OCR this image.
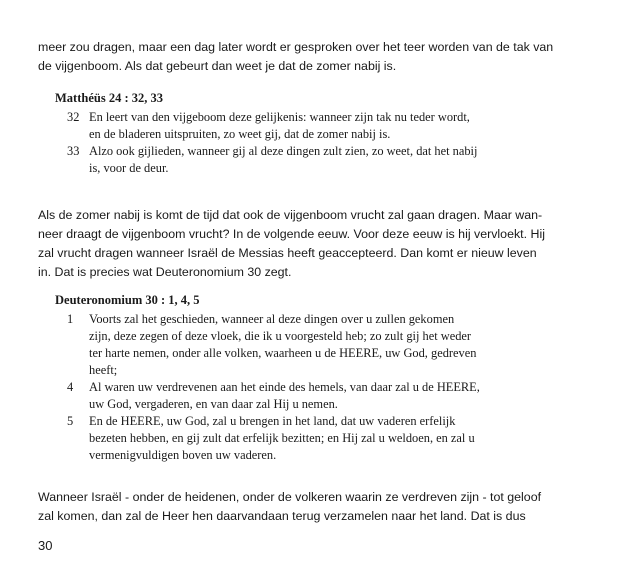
meer zou dragen, maar een dag later wordt er gesproken over het teer worden van de tak van
de vijgenboom. Als dat gebeurt dan weet je dat de zomer nabij is.
Matthéüs 24 : 32, 33
32 En leert van den vijgeboom deze gelijkenis: wanneer zijn tak nu teder wordt,
en de bladeren uitspruiten, zo weet gij, dat de zomer nabij is.
33 Alzo ook gijlieden, wanneer gij al deze dingen zult zien, zo weet, dat het nabij
is, voor de deur.
Als de zomer nabij is komt de tijd dat ook de vijgenboom vrucht zal gaan dragen. Maar wan-
neer draagt de vijgenboom vrucht? In de volgende eeuw. Voor deze eeuw is hij vervloekt. Hij
zal vrucht dragen wanneer Israël de Messias heeft geaccepteerd. Dan komt er nieuw leven
in. Dat is precies wat Deuteronomium 30 zegt.
Deuteronomium 30 : 1, 4, 5
1 Voorts zal het geschieden, wanneer al deze dingen over u zullen gekomen
zijn, deze zegen of deze vloek, die ik u voorgesteld heb; zo zult gij het weder
ter harte nemen, onder alle volken, waarheen u de HEERE, uw God, gedreven
heeft;
4 Al waren uw verdrevenen aan het einde des hemels, van daar zal u de HEERE,
uw God, vergaderen, en van daar zal Hij u nemen.
5 En de HEERE, uw God, zal u brengen in het land, dat uw vaderen erfelijk
bezeten hebben, en gij zult dat erfelijk bezitten; en Hij zal u weldoen, en zal u
vermenigvuldigen boven uw vaderen.
Wanneer Israël - onder de heidenen, onder de volkeren waarin ze verdreven zijn - tot geloof
zal komen, dan zal de Heer hen daarvandaan terug verzamelen naar het land. Dat is dus
30
